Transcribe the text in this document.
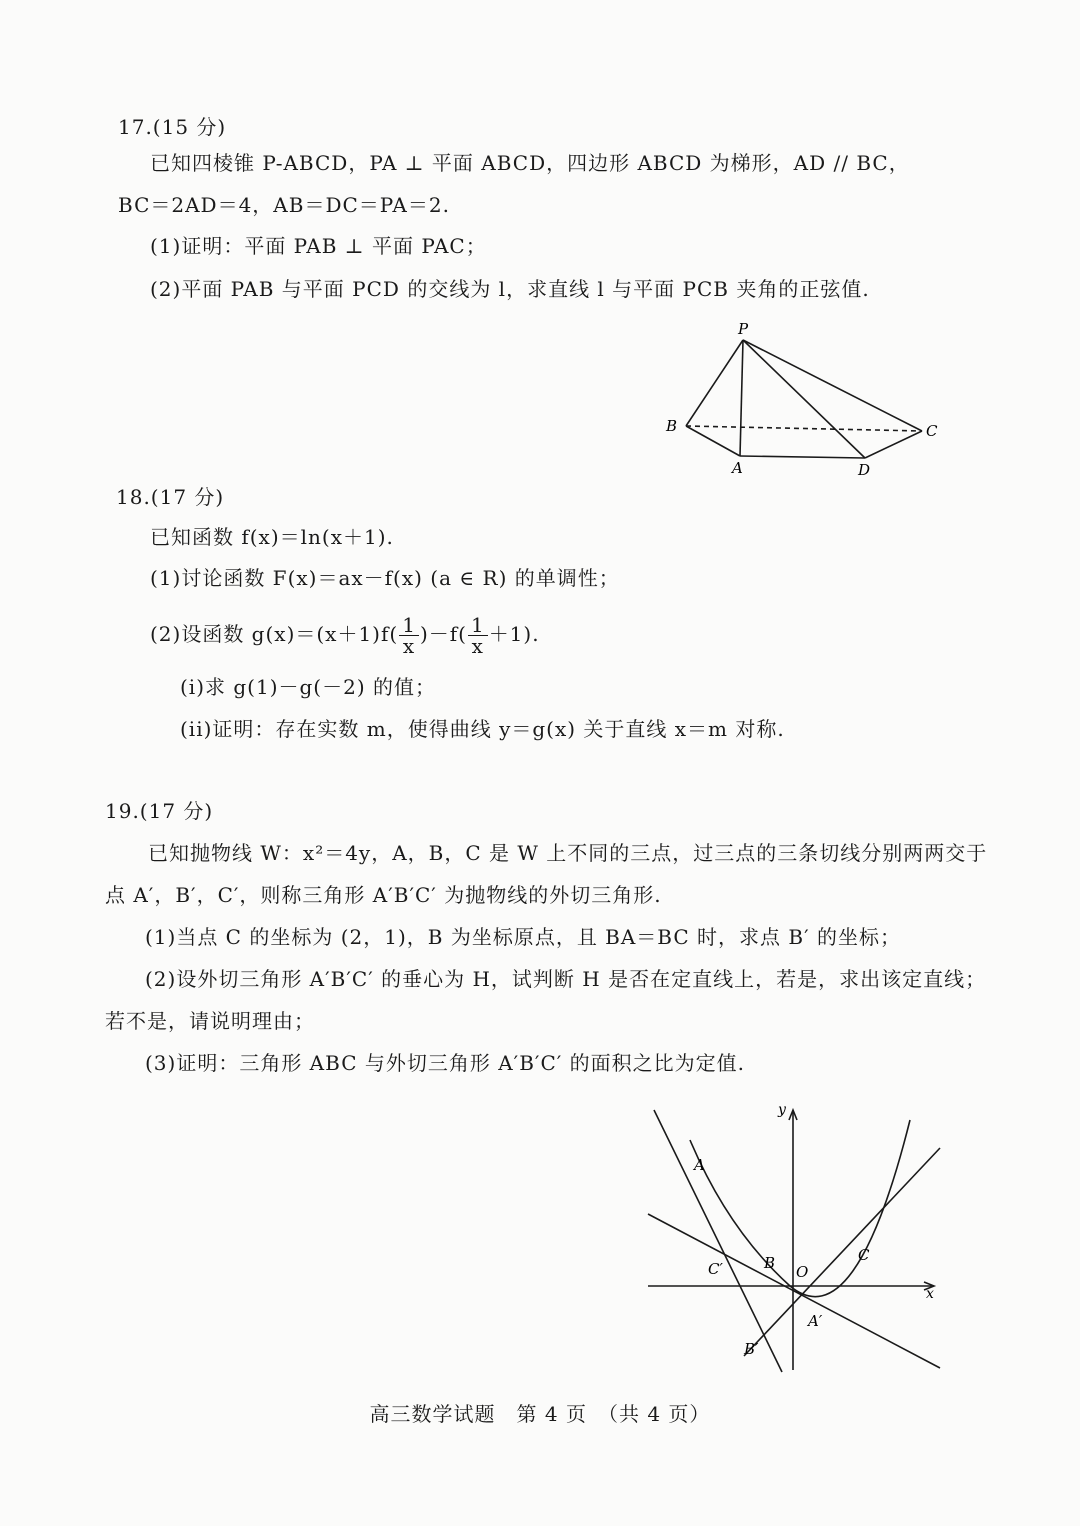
17.(15 分)
已知四棱锥 P-ABCD，PA ⊥ 平面 ABCD，四边形 ABCD 为梯形，AD // BC，
BC＝2AD＝4，AB＝DC＝PA＝2.
(1)证明：平面 PAB ⊥ 平面 PAC；
(2)平面 PAB 与平面 PCD 的交线为 l，求直线 l 与平面 PCB 夹角的正弦值.
P
B	C
A	D
18.(17 分)
已知函数 f(x)＝ln(x＋1).
(1)讨论函数 F(x)＝ax－f(x) (a ∈ R) 的单调性；
(2)设函数 $g(x)=(x+1)f( \frac{1}{x} )-f( \frac{1}{x} +1)$.
(i)求 g(1)－g(－2) 的值；
(ii)证明：存在实数 m，使得曲线 y＝g(x) 关于直线 x＝m 对称.
19.(17 分)
已知抛物线 W：x²＝4y，A，B，C 是 W 上不同的三点，过三点的三条切线分别两两交于
点 A′，B′，C′，则称三角形 A′B′C′ 为抛物线的外切三角形.
(1)当点 C 的坐标为 (2，1)，B 为坐标原点，且 BA＝BC 时，求点 B′ 的坐标；
(2)设外切三角形 A′B′C′ 的垂心为 H，试判断 H 是否在定直线上，若是，求出该定直线；
若不是，请说明理由；
(3)证明：三角形 ABC 与外切三角形 A′B′C′ 的面积之比为定值.
y
x
O
A
B	C
A′
B′
C′
高三数学试题　第 4 页　（共 4 页）
